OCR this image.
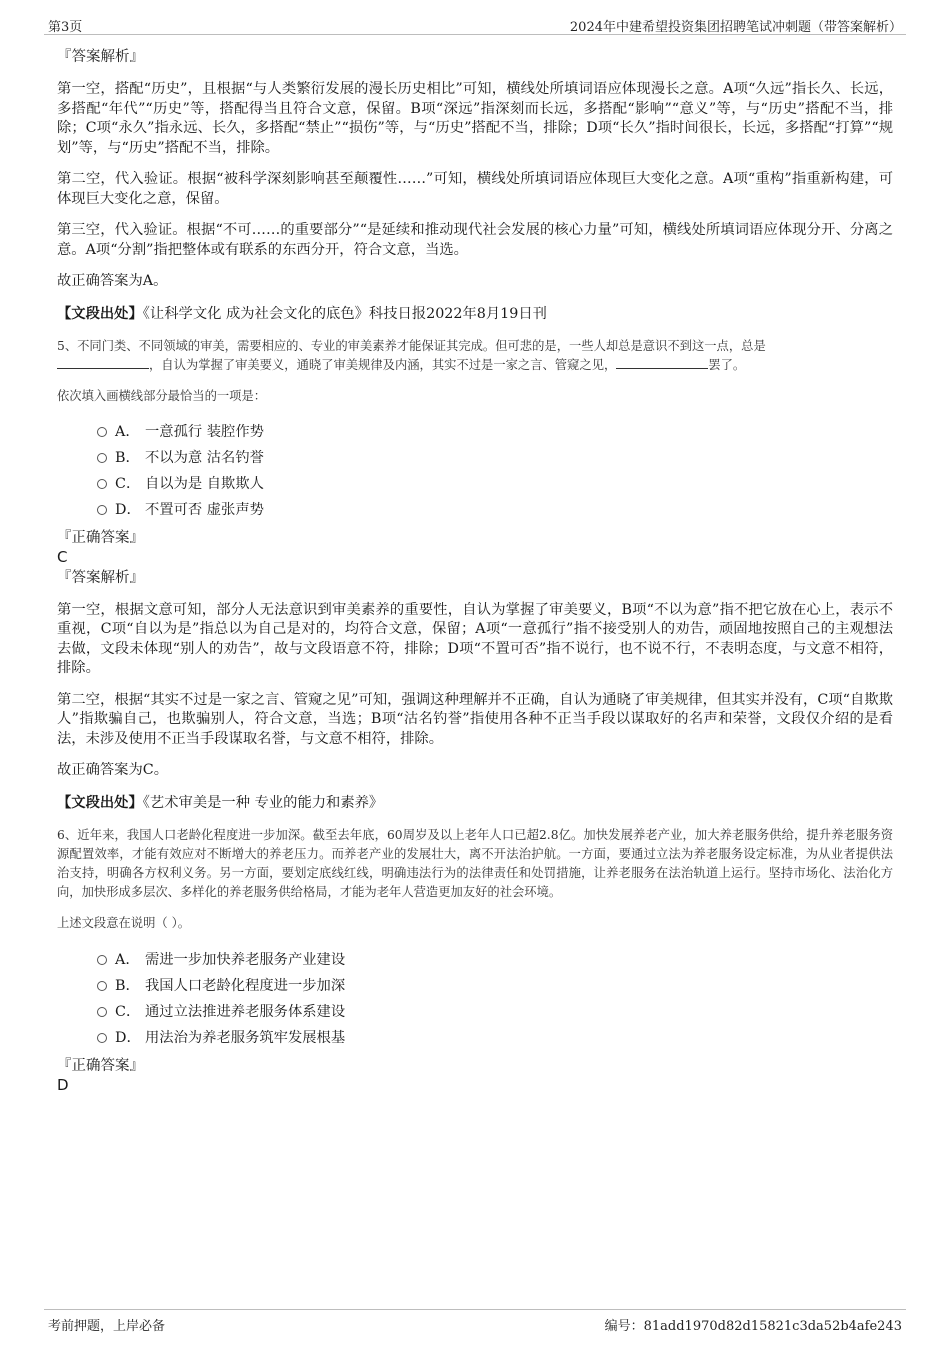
第3页	2024年中建希望投资集团招聘笔试冲刺题（带答案解析）

『答案解析』

第一空，搭配“历史”，且根据“与人类繁衍发展的漫长历史相比”可知，横线处所填词语应体现漫长之意。A项“久远”指长久、长远，多搭配“年代”“历史”等，搭配得当且符合文意，保留。B项“深远”指深刻而长远，多搭配“影响”“意义”等，与“历史”搭配不当，排除；C项“永久”指永远、长久，多搭配“禁止”“损伤”等，与“历史”搭配不当，排除；D项“长久”指时间很长，长远，多搭配“打算”“规划”等，与“历史”搭配不当，排除。

第二空，代入验证。根据“被科学深刻影响甚至颠覆性……”可知，横线处所填词语应体现巨大变化之意。A项“重构”指重新构建，可体现巨大变化之意，保留。

第三空，代入验证。根据“不可……的重要部分”“是延续和推动现代社会发展的核心力量”可知，横线处所填词语应体现分开、分离之意。A项“分割”指把整体或有联系的东西分开，符合文意，当选。

故正确答案为A。

【文段出处】《让科学文化 成为社会文化的底色》科技日报2022年8月19日刊

5、不同门类、不同领域的审美，需要相应的、专业的审美素养才能保证其完成。但可悲的是，一些人却总是意识不到这一点，总是
，自认为掌握了审美要义，通晓了审美规律及内涵，其实不过是一家之言、管窥之见，	罢了。

依次填入画横线部分最恰当的一项是：

A． 一意孤行 装腔作势
B． 不以为意 沽名钓誉
C． 自以为是 自欺欺人
D． 不置可否 虚张声势

『正确答案』

C

『答案解析』

第一空，根据文意可知，部分人无法意识到审美素养的重要性，自认为掌握了审美要义，B项“不以为意”指不把它放在心上，表示不重视，C项“自以为是”指总以为自己是对的，均符合文意，保留；A项“一意孤行”指不接受别人的劝告，顽固地按照自己的主观想法去做，文段未体现“别人的劝告”，故与文段语意不符，排除；D项“不置可否”指不说行，也不说不行，不表明态度，与文意不相符，排除。

第二空，根据“其实不过是一家之言、管窥之见”可知，强调这种理解并不正确，自认为通晓了审美规律，但其实并没有，C项“自欺欺人”指欺骗自己，也欺骗别人，符合文意，当选；B项“沽名钓誉”指使用各种不正当手段以谋取好的名声和荣誉，文段仅介绍的是看法，未涉及使用不正当手段谋取名誉，与文意不相符，排除。

故正确答案为C。

【文段出处】《艺术审美是一种 专业的能力和素养》

6、近年来，我国人口老龄化程度进一步加深。截至去年底，60周岁及以上老年人口已超2.8亿。加快发展养老产业，加大养老服务供给，提升养老服务资源配置效率，才能有效应对不断增大的养老压力。而养老产业的发展壮大，离不开法治护航。一方面，要通过立法为养老服务设定标准，为从业者提供法治支持，明确各方权利义务。另一方面，要划定底线红线，明确违法行为的法律责任和处罚措施，让养老服务在法治轨道上运行。坚持市场化、法治化方向，加快形成多层次、多样化的养老服务供给格局，才能为老年人营造更加友好的社会环境。

上述文段意在说明（ ）。

A． 需进一步加快养老服务产业建设
B． 我国人口老龄化程度进一步加深
C． 通过立法推进养老服务体系建设
D． 用法治为养老服务筑牢发展根基

『正确答案』

D

考前押题，上岸必备	编号：81add1970d82d15821c3da52b4afe243
